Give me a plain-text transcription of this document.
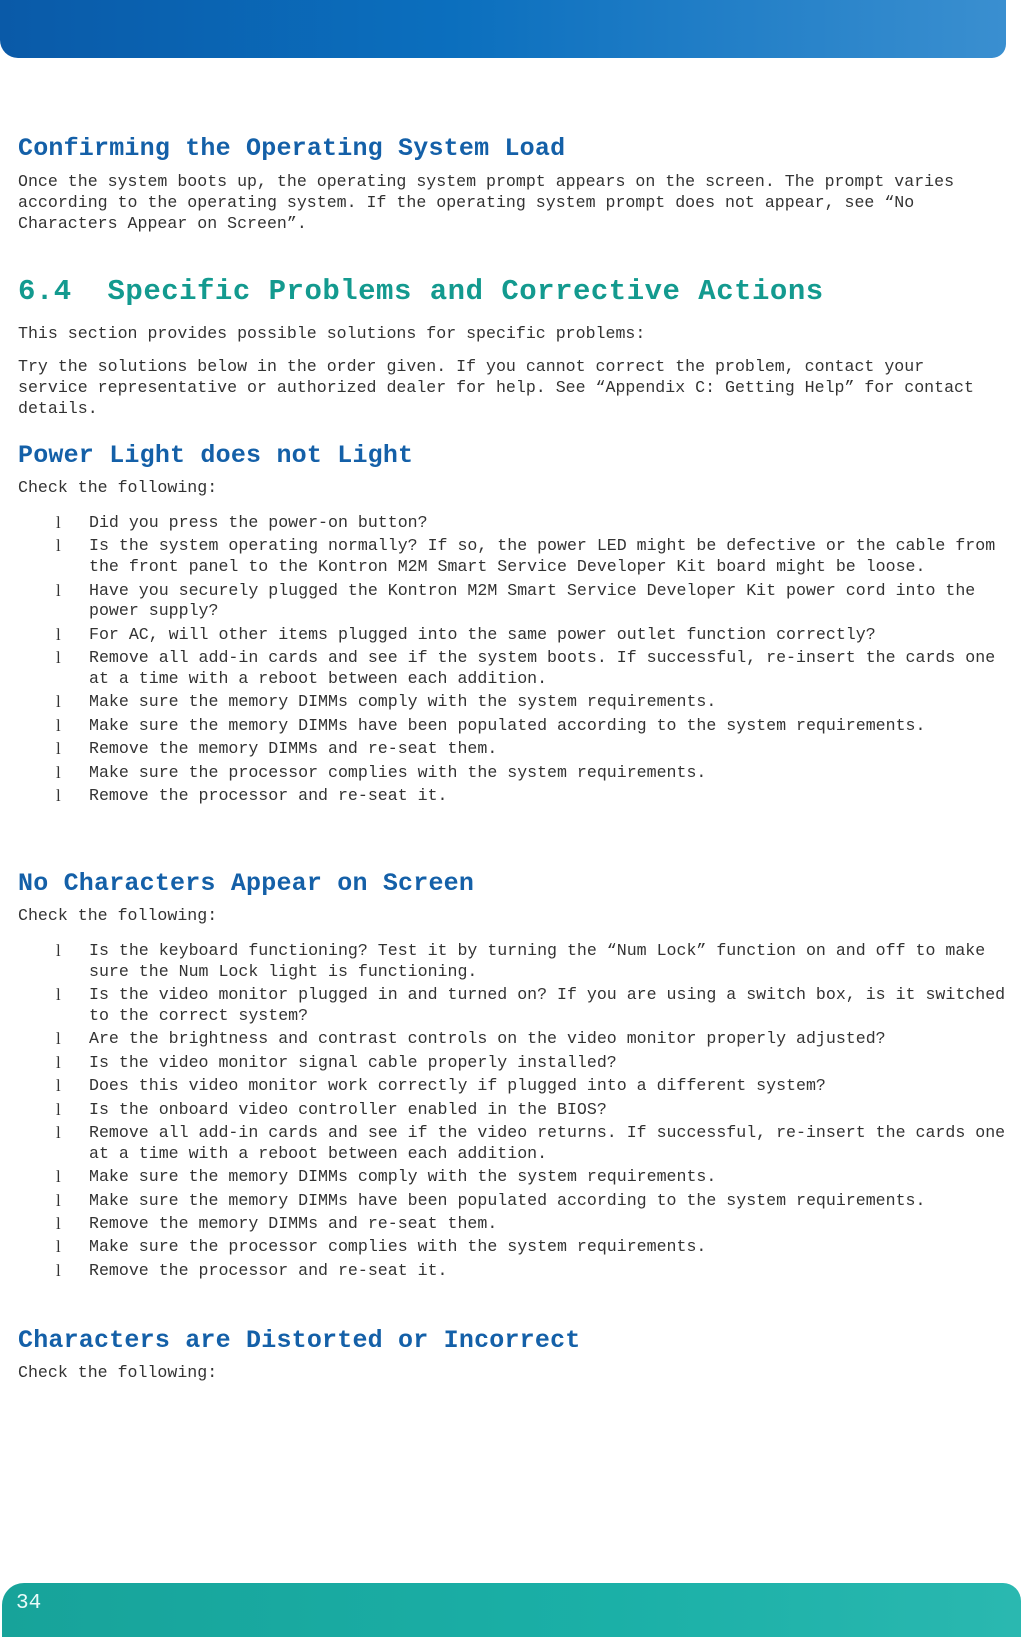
Confirming the Operating System Load

Once the system boots up, the operating system prompt appears on the screen. The prompt varies according to the operating system. If the operating system prompt does not appear, see “No Characters Appear on Screen”.

6.4  Specific Problems and Corrective Actions

This section provides possible solutions for specific problems:

Try the solutions below in the order given. If you cannot correct the problem, contact your service representative or authorized dealer for help. See “Appendix C: Getting Help” for contact details.

Power Light does not Light

Check the following:

l Did you press the power-on button?
l Is the system operating normally? If so, the power LED might be defective or the cable from the front panel to the Kontron M2M Smart Service Developer Kit board might be loose.
l Have you securely plugged the Kontron M2M Smart Service Developer Kit power cord into the power supply?
l For AC, will other items plugged into the same power outlet function correctly?
l Remove all add-in cards and see if the system boots. If successful, re-insert the cards one at a time with a reboot between each addition.
l Make sure the memory DIMMs comply with the system requirements.
l Make sure the memory DIMMs have been populated according to the system requirements.
l Remove the memory DIMMs and re-seat them.
l Make sure the processor complies with the system requirements.
l Remove the processor and re-seat it.
No Characters Appear on Screen

Check the following:

l Is the keyboard functioning? Test it by turning the “Num Lock” function on and off to make sure the Num Lock light is functioning.
l Is the video monitor plugged in and turned on? If you are using a switch box, is it switched to the correct system?
l Are the brightness and contrast controls on the video monitor properly adjusted?
l Is the video monitor signal cable properly installed?
l Does this video monitor work correctly if plugged into a different system?
l Is the onboard video controller enabled in the BIOS?
l Remove all add-in cards and see if the video returns. If successful, re-insert the cards one at a time with a reboot between each addition.
l Make sure the memory DIMMs comply with the system requirements.
l Make sure the memory DIMMs have been populated according to the system requirements.
l Remove the memory DIMMs and re-seat them.
l Make sure the processor complies with the system requirements.
l Remove the processor and re-seat it.
Characters are Distorted or Incorrect

Check the following:

34
